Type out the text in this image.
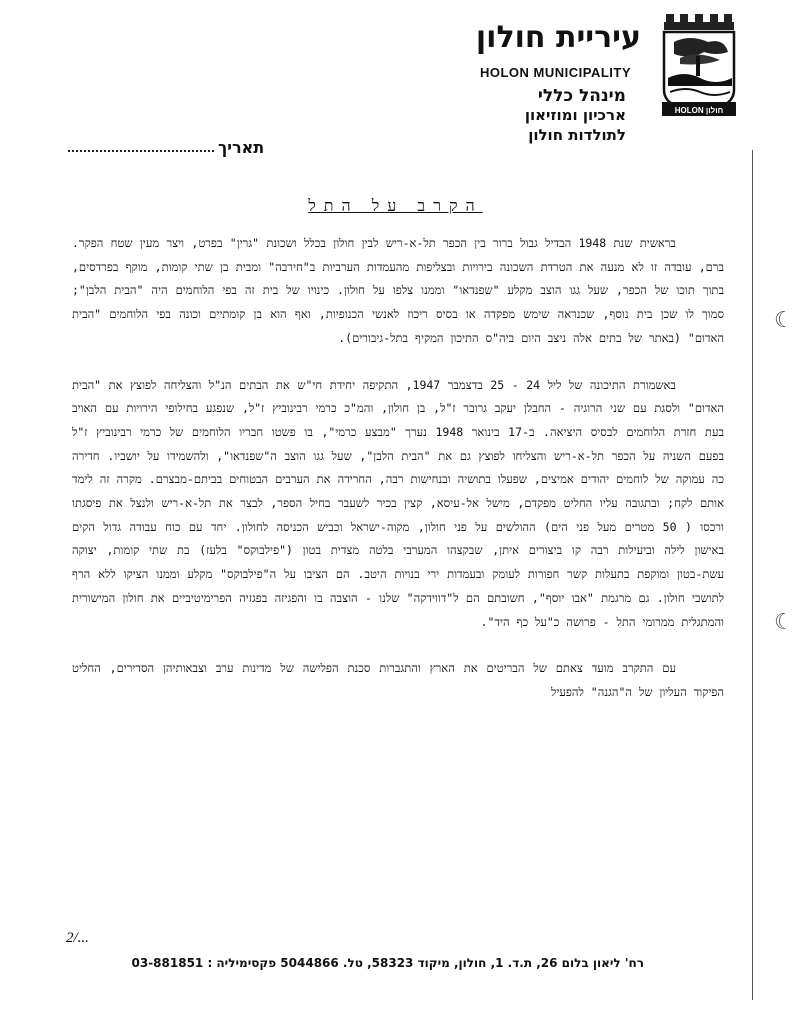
☾
☾
HOLON חולון
עיריית חולון
HOLON MUNICIPALITY
מינהל כללי
ארכיון ומוזיאון
לתולדות חולון
תאריך
הקרב על התל

בראשית שנת 1948 הבדיל גבול ברור בין הכפר תל-א-ריש לבין חולון בכלל ושכונת "גרין" בפרט, ויצר מעין שטח הפקר. ברם, עובדה זו לא מנעה את הטרדת השכונה בירויות ובצליפות מהעמדות הערביות ב"חירבה" ומבית בן שתי קומות, מוקף בפרדסים, בתוך תוכו של הכפר, שעל גגו הוצב מקלע "שפנדאו" וממנו צלפו על חולון. כינויו של בית זה בפי הלוחמים היה "הבית הלבן"; סמוך לו שכן בית נוסף, שכנראה שימש מפקדה או בסיס ריכוז לאנשי הכנופיות, ואף הוא בן קומתיים וכונה בפי הלוחמים "הבית האדום" (באתר של בתים אלה ניצב היום ביה"ס התיכון המקיף בתל-גיבורים).

באשמורת התיכונה של ליל 24 - 25 בדצמבר 1947, התקיפה יחידת חי"ש את הבתים הנ"ל והצליחה לפוצץ את "הבית האדום" ולסגת עם שני הרוגיה - החבלן יעקב גרובר ז"ל, בן חולון, והמ"כ כרמי רבינוביץ ז"ל, שנפגע בחילופי הירויות עם האויב בעת חזרת הלוחמים לבסיס היציאה. ב-17 בינואר 1948 נערך "מבצע כרמי", בו פשטו חבריו הלוחמים של כרמי רבינוביץ ז"ל בפעם השניה על הכפר תל-א-ריש והצליחו לפוצץ גם את "הבית הלבן", שעל גגו הוצב ה"שפנדאו", ולהשמידו על יושביו. חדירה כה עמוקה של לוחמים יהודים אמיצים, שפעלו בתושיה ובנחישות רבה, החרידה את הערבים הבטוחים בביתם-מבצרם. מקרה זה לימד אותם לקח; ובתגובה עליו החליט מפקדם, מישל אל-עיסא, קצין בכיר לשעבר בחיל הספר, לבצר את תל-א-ריש ולנצל את פיסגתו ורכסו ( 50 מטרים מעל פני הים) ההולשים על פני חולון, מקוה-ישראל וכביש הכניסה לחולון. יחד עם כוח עבודה גדול הקים באישון לילה וביעילות רבה קו ביצורים איתן, שבקצהו המערבי בלטה מצדית בטון ("פילבוקס" בלעז) בת שתי קומות, יצוקה עשת-בטון ומוקפת בתעלות קשר חפורות לעומק ובעמדות ירי בנויות היטב. הם הציבו על ה"פילבוקס" מקלע וממנו הציקו ללא הרף לתושבי חולון. גם מרגמת "אבו יוסף", חשובתם הם ל"דווידקה" שלנו - הוצבה בו והפגיזה בפגזיה הפרימיטיביים את חולון המישורית והמתגלית ממרומי התל - פרושה כ"על כף היד".

עם התקרב מועד צאתם של הבריטים את הארץ והתגברות סכנת הפלישה של מדינות ערב וצבאותיהן הסדירים, החליט הפיקוד העליון של ה"הגנה" להפעיל

2/...
רח' ליאון בלום 26, ת.ד. 1, חולון, מיקוד 58323, טל. 5044866 פקסימיליה : 03-881851
